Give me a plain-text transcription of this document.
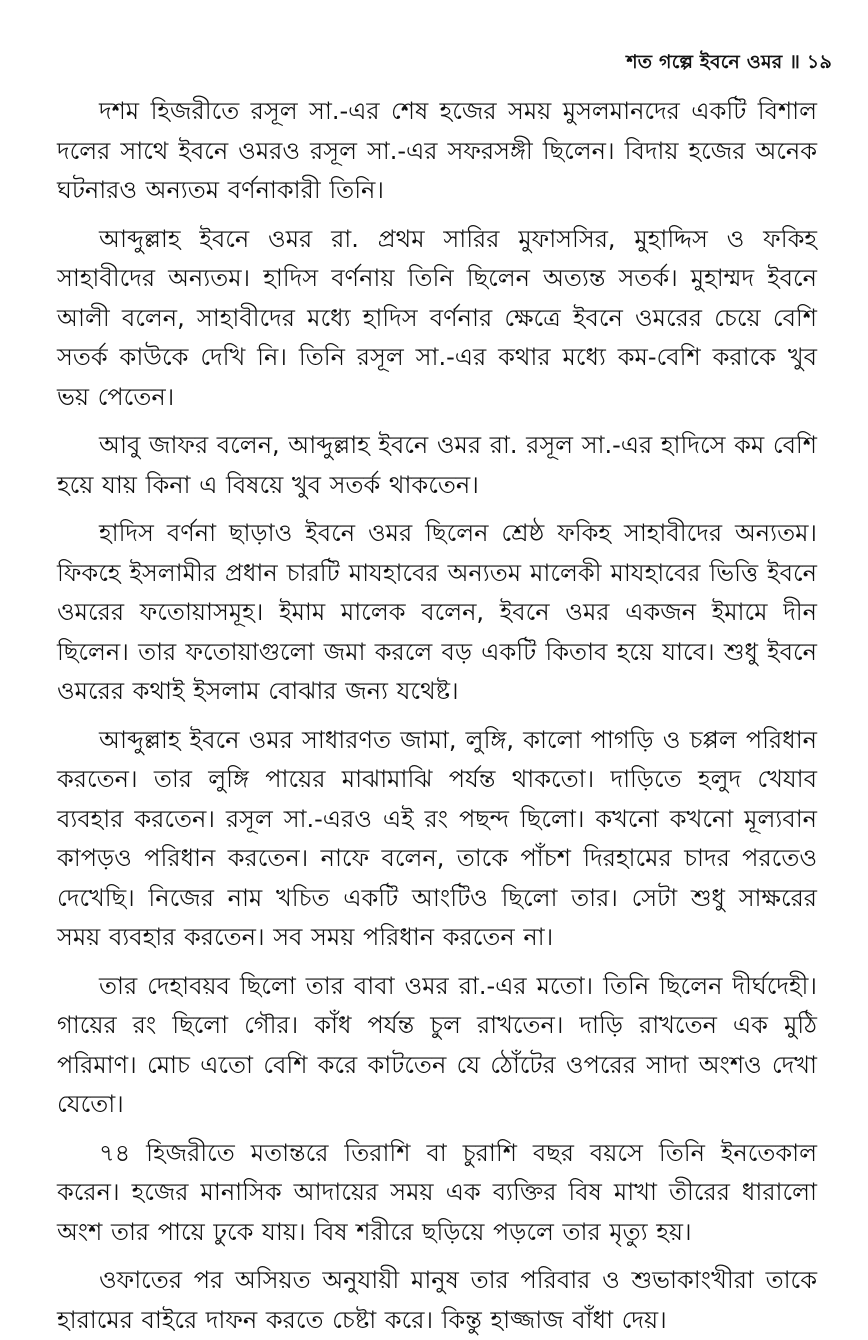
শত গল্পে ইবনে ওমর ॥ ১৯

দশম হিজরীতে রসূল সা.-এর শেষ হজের সময় মুসলমানদের একটি বিশাল দলের সাথে ইবনে ওমরও রসূল সা.-এর সফরসঙ্গী ছিলেন। বিদায় হজের অনেক ঘটনারও অন্যতম বর্ণনাকারী তিনি।

আব্দুল্লাহ ইবনে ওমর রা. প্রথম সারির মুফাসসির, মুহাদ্দিস ও ফকিহ সাহাবীদের অন্যতম। হাদিস বর্ণনায় তিনি ছিলেন অত্যন্ত সতর্ক। মুহাম্মদ ইবনে আলী বলেন, সাহাবীদের মধ্যে হাদিস বর্ণনার ক্ষেত্রে ইবনে ওমরের চেয়ে বেশি সতর্ক কাউকে দেখি নি। তিনি রসূল সা.-এর কথার মধ্যে কম-বেশি করাকে খুব ভয় পেতেন।

আবু জাফর বলেন, আব্দুল্লাহ ইবনে ওমর রা. রসূল সা.-এর হাদিসে কম বেশি হয়ে যায় কিনা এ বিষয়ে খুব সতর্ক থাকতেন।

হাদিস বর্ণনা ছাড়াও ইবনে ওমর ছিলেন শ্রেষ্ঠ ফকিহ সাহাবীদের অন্যতম। ফিকহে ইসলামীর প্রধান চারটি মাযহাবের অন্যতম মালেকী মাযহাবের ভিত্তি ইবনে ওমরের ফতোয়াসমূহ। ইমাম মালেক বলেন, ইবনে ওমর একজন ইমামে দীন ছিলেন। তার ফতোয়াগুলো জমা করলে বড় একটি কিতাব হয়ে যাবে। শুধু ইবনে ওমরের কথাই ইসলাম বোঝার জন্য যথেষ্ট।

আব্দুল্লাহ ইবনে ওমর সাধারণত জামা, লুঙ্গি, কালো পাগড়ি ও চপ্পল পরিধান করতেন। তার লুঙ্গি পায়ের মাঝামাঝি পর্যন্ত থাকতো। দাড়িতে হলুদ খেযাব ব্যবহার করতেন। রসূল সা.-এরও এই রং পছন্দ ছিলো। কখনো কখনো মূল্যবান কাপড়ও পরিধান করতেন। নাফে বলেন, তাকে পাঁচশ দিরহামের চাদর পরতেও দেখেছি। নিজের নাম খচিত একটি আংটিও ছিলো তার। সেটা শুধু সাক্ষরের সময় ব্যবহার করতেন। সব সময় পরিধান করতেন না।

তার দেহাবয়ব ছিলো তার বাবা ওমর রা.-এর মতো। তিনি ছিলেন দীর্ঘদেহী। গায়ের রং ছিলো গৌর। কাঁধ পর্যন্ত চুল রাখতেন। দাড়ি রাখতেন এক মুঠি পরিমাণ। মোচ এতো বেশি করে কাটতেন যে ঠোঁটের ওপরের সাদা অংশও দেখা যেতো।

৭৪ হিজরীতে মতান্তরে তিরাশি বা চুরাশি বছর বয়সে তিনি ইনতেকাল করেন। হজের মানাসিক আদায়ের সময় এক ব্যক্তির বিষ মাখা তীরের ধারালো অংশ তার পায়ে ঢুকে যায়। বিষ শরীরে ছড়িয়ে পড়লে তার মৃত্যু হয়।

ওফাতের পর অসিয়ত অনুযায়ী মানুষ তার পরিবার ও শুভাকাংখীরা তাকে হারামের বাইরে দাফন করতে চেষ্টা করে। কিন্তু হাজ্জাজ বাঁধা দেয়।
